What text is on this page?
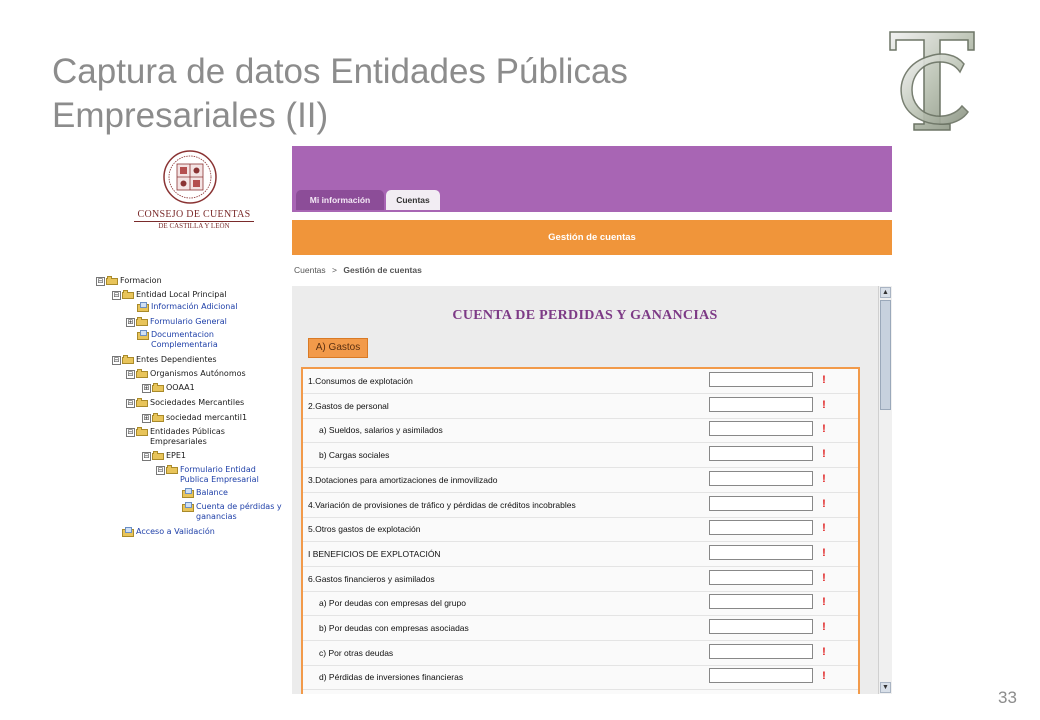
Captura de datos Entidades Públicas Empresariales (II)
33
CONSEJO DE CUENTAS
DE CASTILLA Y LEÓN
⊟ Formacion
⊟ Entidad Local Principal
Información Adicional
⊞ Formulario General
Documentacion Complementaria
⊟ Entes Dependientes
⊟ Organismos Autónomos
⊞ OOAA1
⊟ Sociedades Mercantiles
⊞ sociedad mercantil1
⊟ Entidades Públicas Empresariales
⊟ EPE1
⊟ Formulario Entidad Publica Empresarial
Balance
Cuenta de pérdidas y ganancias
Acceso a Validación
Mi información	Cuentas
Gestión de cuentas
Cuentas > Gestión de cuentas
CUENTA DE PERDIDAS Y GANANCIAS
A) Gastos
1.Consumos de explotación	!
2.Gastos de personal	!
a) Sueldos, salarios y asimilados	!
b) Cargas sociales	!
3.Dotaciones para amortizaciones de inmovilizado	!
4.Variación de provisiones de tráfico y pérdidas de créditos incobrables	!
5.Otros gastos de explotación	!
I BENEFICIOS DE EXPLOTACIÓN	!
6.Gastos financieros y asimilados	!
a) Por deudas con empresas del grupo	!
b) Por deudas con empresas asociadas	!
c) Por otras deudas	!
d) Pérdidas de inversiones financieras	!
▲
▼
